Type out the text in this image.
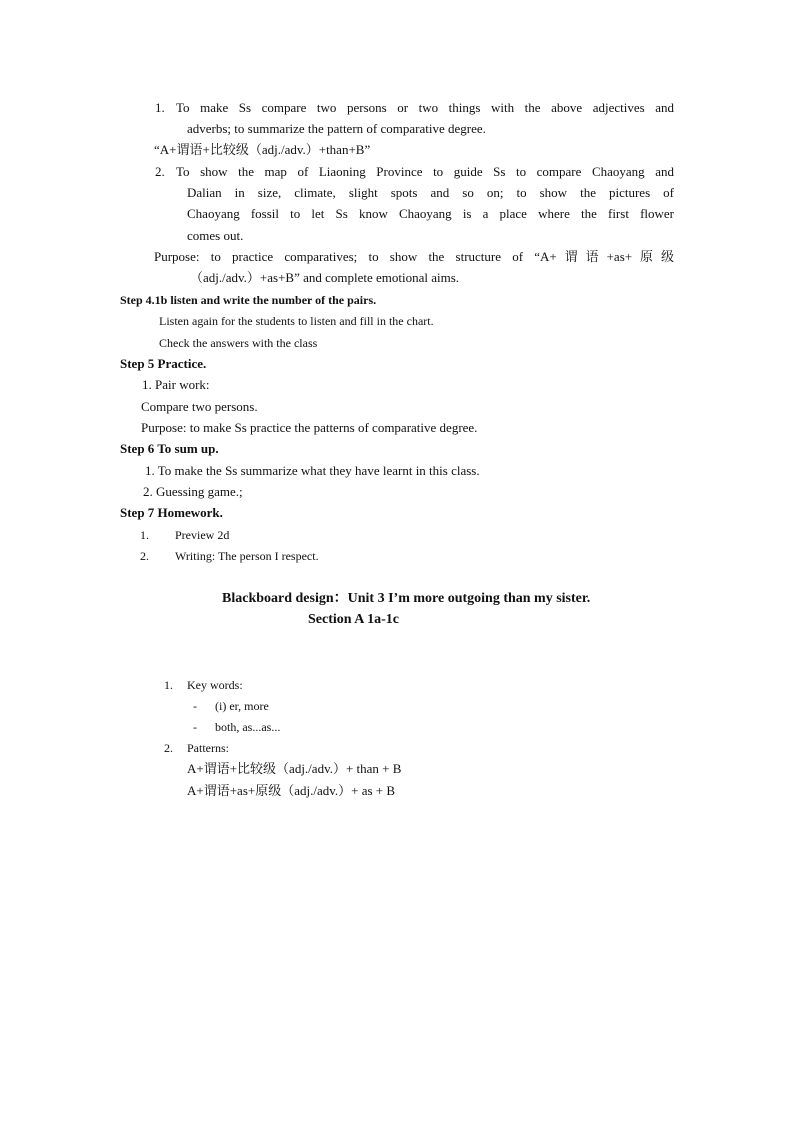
1. To make Ss compare two persons or two things with the above adjectives and
adverbs; to summarize the pattern of comparative degree.
“A+谓语+比较级（adj./adv.）+than+B”
2. To show the map of Liaoning Province to guide Ss to compare Chaoyang and
Dalian in size, climate, slight spots and so on; to show the pictures of
Chaoyang fossil to let Ss know Chaoyang is a place where the first flower
comes out.
Purpose: to practice comparatives; to show the structure of “A+谓语+as+原级
（adj./adv.）+as+B” and complete emotional aims.
Step 4.1b listen and write the number of the pairs.
Listen again for the students to listen and fill in the chart.
Check the answers with the class
Step 5 Practice.
1. Pair work:
Compare two persons.
Purpose: to make Ss practice the patterns of comparative degree.
Step 6 To sum up.
1. To make the Ss summarize what they have learnt in this class.
2. Guessing game.;
Step 7 Homework.
1. Preview 2d
2. Writing: The person I respect.
Blackboard design：Unit 3 I’m more outgoing than my sister.
Section A 1a-1c
1. Key words:
- (i) er, more
- both, as...as...
2. Patterns:
A+谓语+比较级（adj./adv.）+ than + B
A+谓语+as+原级（adj./adv.）+ as + B
